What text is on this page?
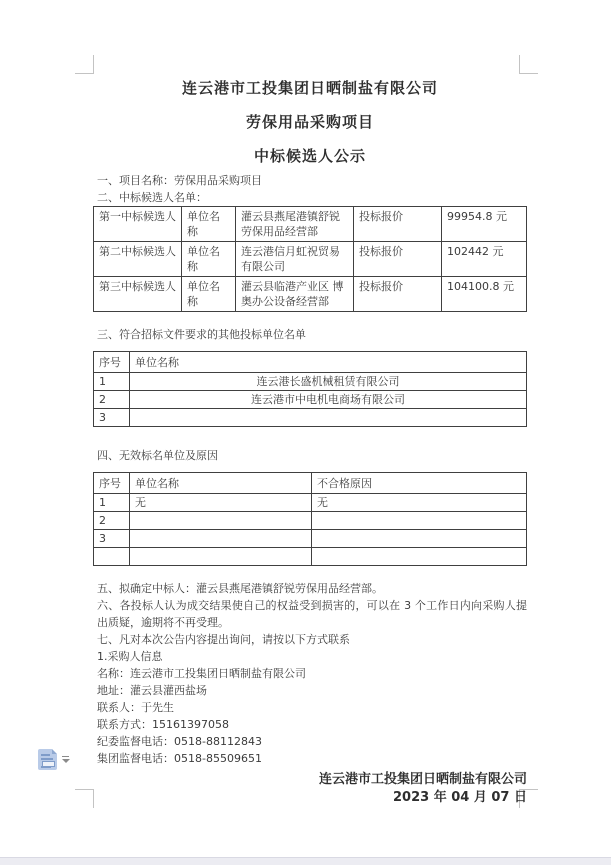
连云港市工投集团日晒制盐有限公司
劳保用品采购项目
中标候选人公示

一、项目名称：劳保用品采购项目

二、中标候选人名单：

第一中标候选人	单位名称	灌云县燕尾港镇舒锐劳保用品经营部	投标报价	99954.8 元
第二中标候选人	单位名称	连云港信月虹祝贸易有限公司	投标报价	102442 元
第三中标候选人	单位名称	灌云县临港产业区 博奥办公设备经营部	投标报价	104100.8 元

三、符合招标文件要求的其他投标单位名单

序号	单位名称
1	连云港长盛机械租赁有限公司
2	连云港市中电机电商场有限公司
3	

四、无效标名单位及原因

序号	单位名称	不合格原因
1	无	无
2		
3		

五、拟确定中标人：灌云县燕尾港镇舒锐劳保用品经营部。

六、各投标人认为成交结果使自己的权益受到损害的，可以在 3 个工作日内向采购人提出质疑，逾期将不再受理。

七、凡对本次公告内容提出询问，请按以下方式联系

1.采购人信息

名称：连云港市工投集团日晒制盐有限公司

地址：灌云县灌西盐场

联系人：于先生

联系方式：15161397058

纪委监督电话：0518-88112843

集团监督电话：0518-85509651

连云港市工投集团日晒制盐有限公司
2023 年 04 月 07 日
